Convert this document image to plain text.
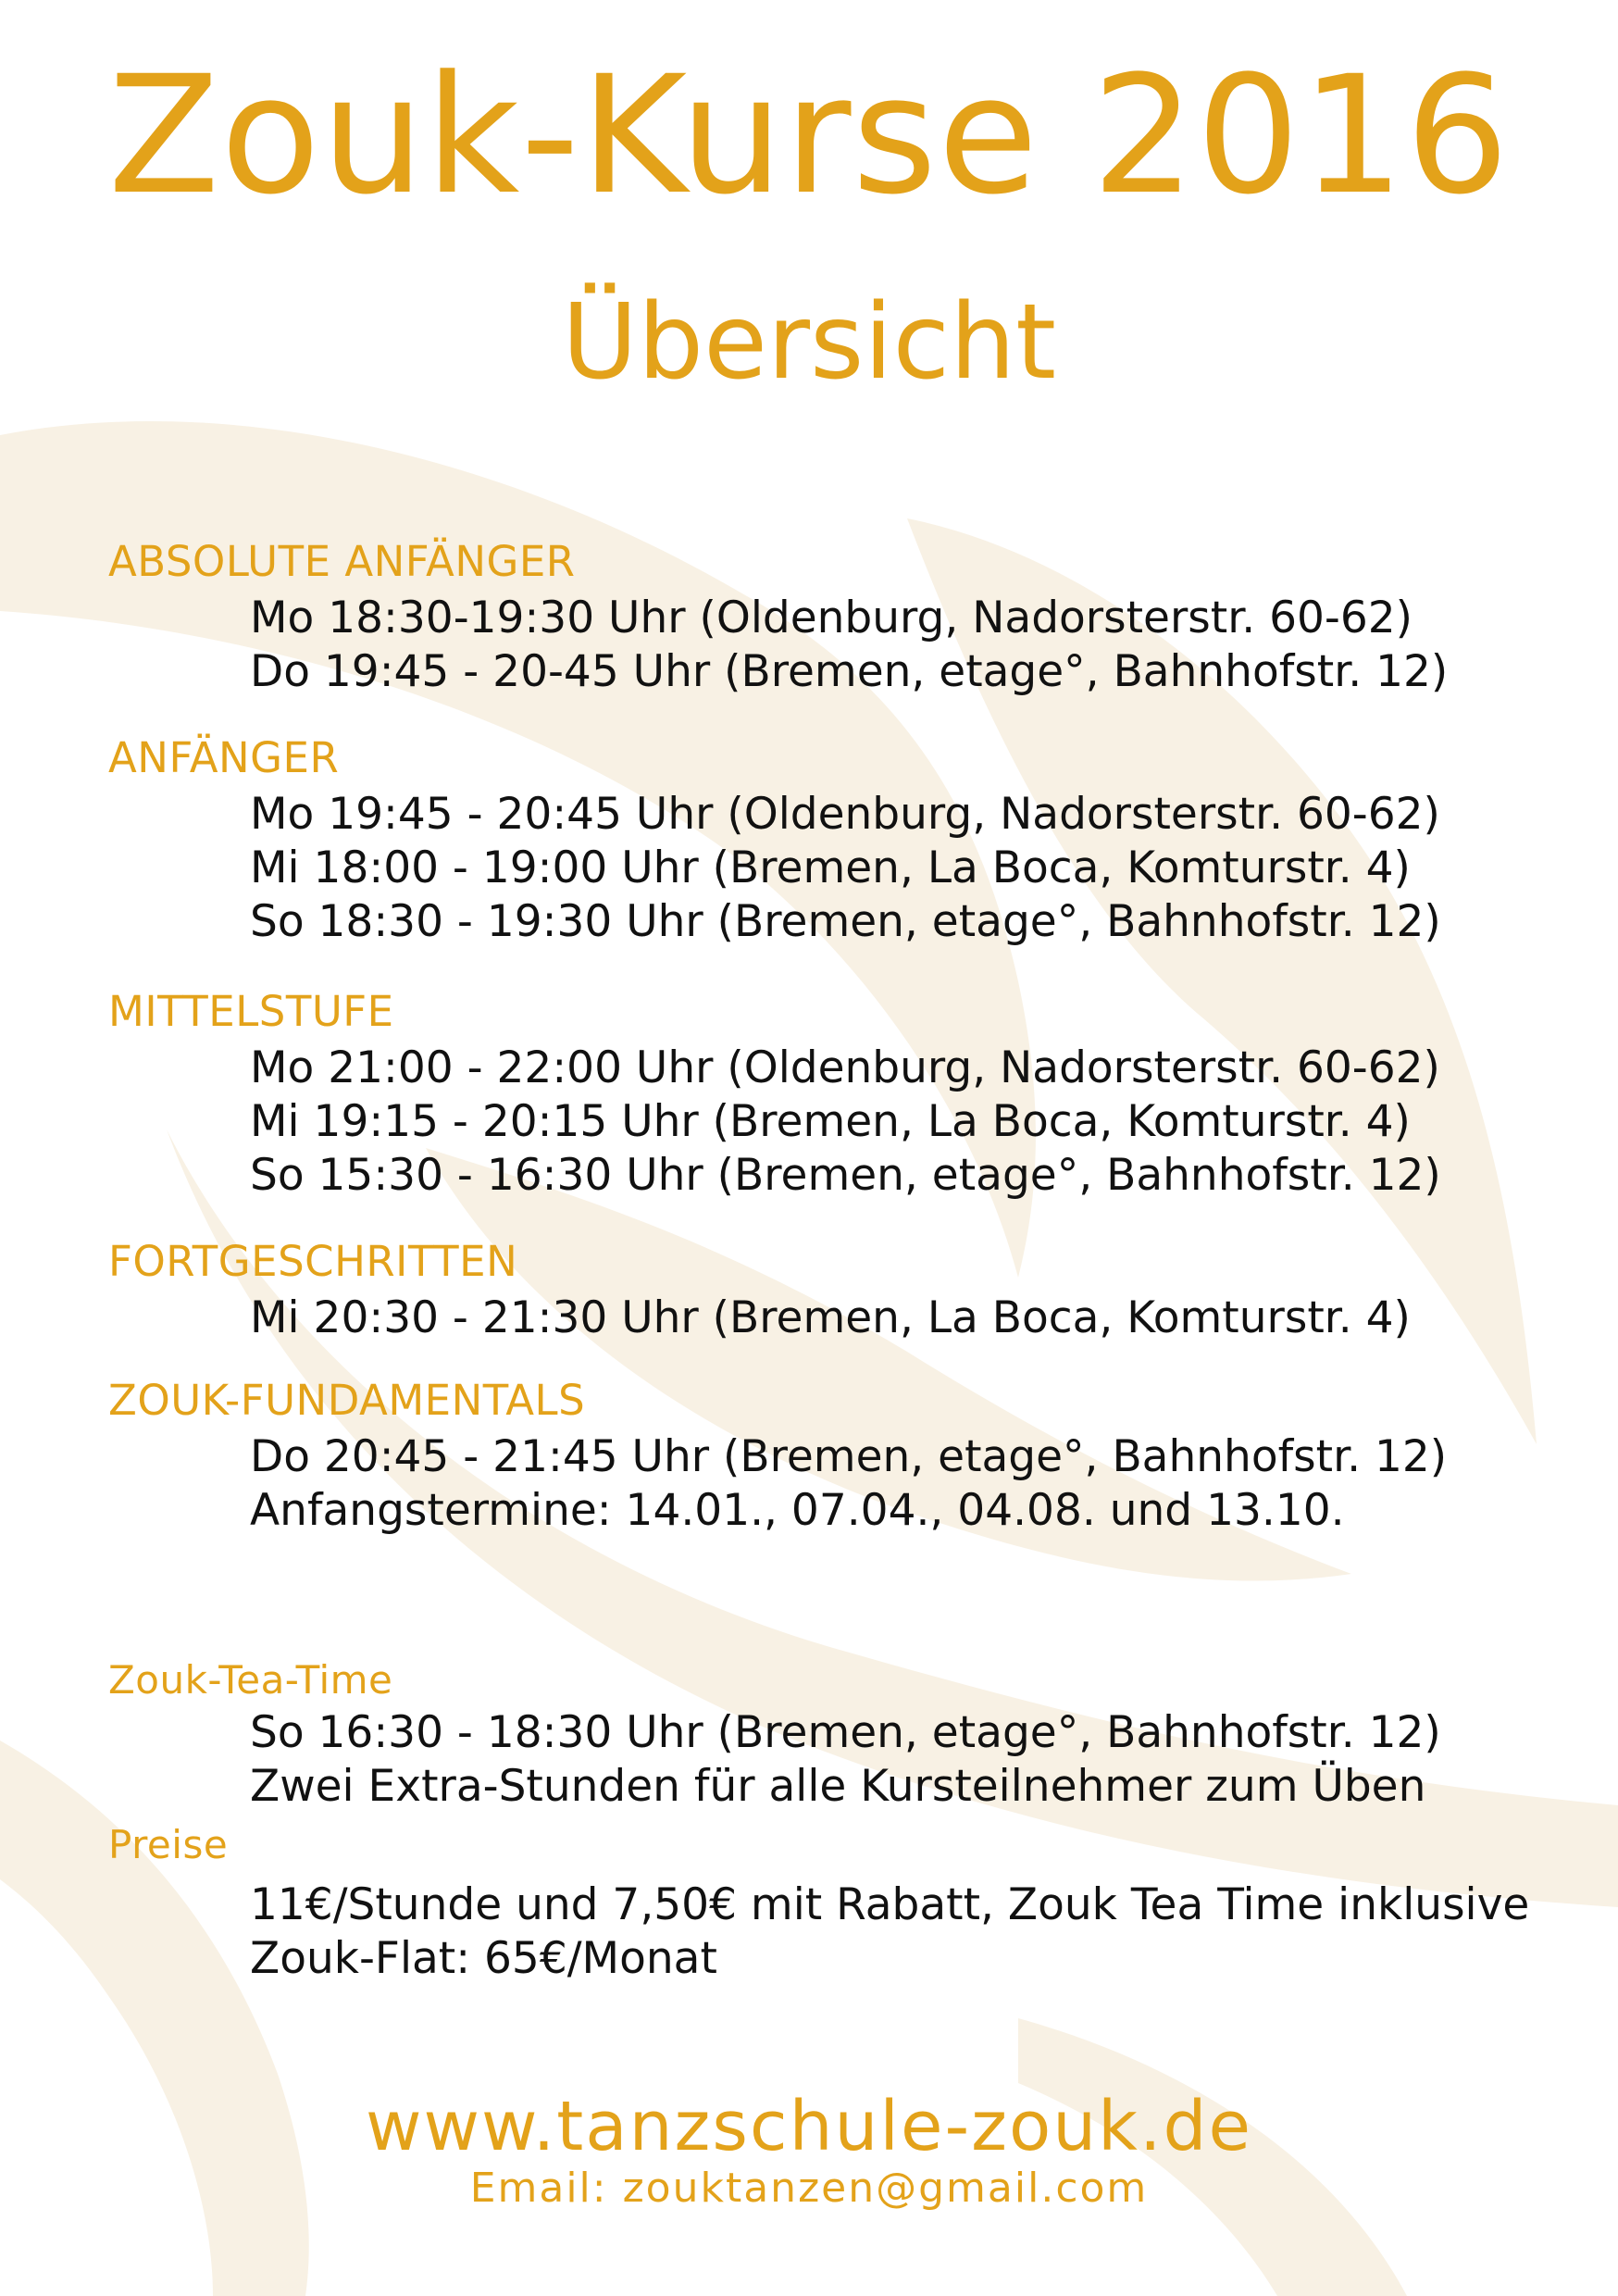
Zouk-Kurse 2016
Übersicht
ABSOLUTE ANFÄNGER
Mo 18:30-19:30 Uhr (Oldenburg, Nadorsterstr. 60-62)
Do 19:45 - 20-45 Uhr (Bremen, etage°, Bahnhofstr. 12)
ANFÄNGER
Mo 19:45 - 20:45 Uhr (Oldenburg, Nadorsterstr. 60-62)
Mi 18:00 - 19:00 Uhr (Bremen, La Boca, Komturstr. 4)
So 18:30 - 19:30 Uhr (Bremen, etage°, Bahnhofstr. 12)
MITTELSTUFE
Mo 21:00 - 22:00 Uhr (Oldenburg, Nadorsterstr. 60-62)
Mi 19:15 - 20:15 Uhr (Bremen, La Boca, Komturstr. 4)
So 15:30 - 16:30 Uhr (Bremen, etage°, Bahnhofstr. 12)
FORTGESCHRITTEN
Mi 20:30 - 21:30 Uhr (Bremen, La Boca, Komturstr. 4)
ZOUK-FUNDAMENTALS
Do 20:45 - 21:45 Uhr (Bremen, etage°, Bahnhofstr. 12)
Anfangstermine: 14.01., 07.04., 04.08. und 13.10.
Zouk-Tea-Time
So 16:30 - 18:30 Uhr (Bremen, etage°, Bahnhofstr. 12)
Zwei Extra-Stunden für alle Kursteilnehmer zum Üben
Preise
11€/Stunde und 7,50€ mit Rabatt, Zouk Tea Time inklusive
Zouk-Flat: 65€/Monat
www.tanzschule-zouk.de
Email: zouktanzen@gmail.com
